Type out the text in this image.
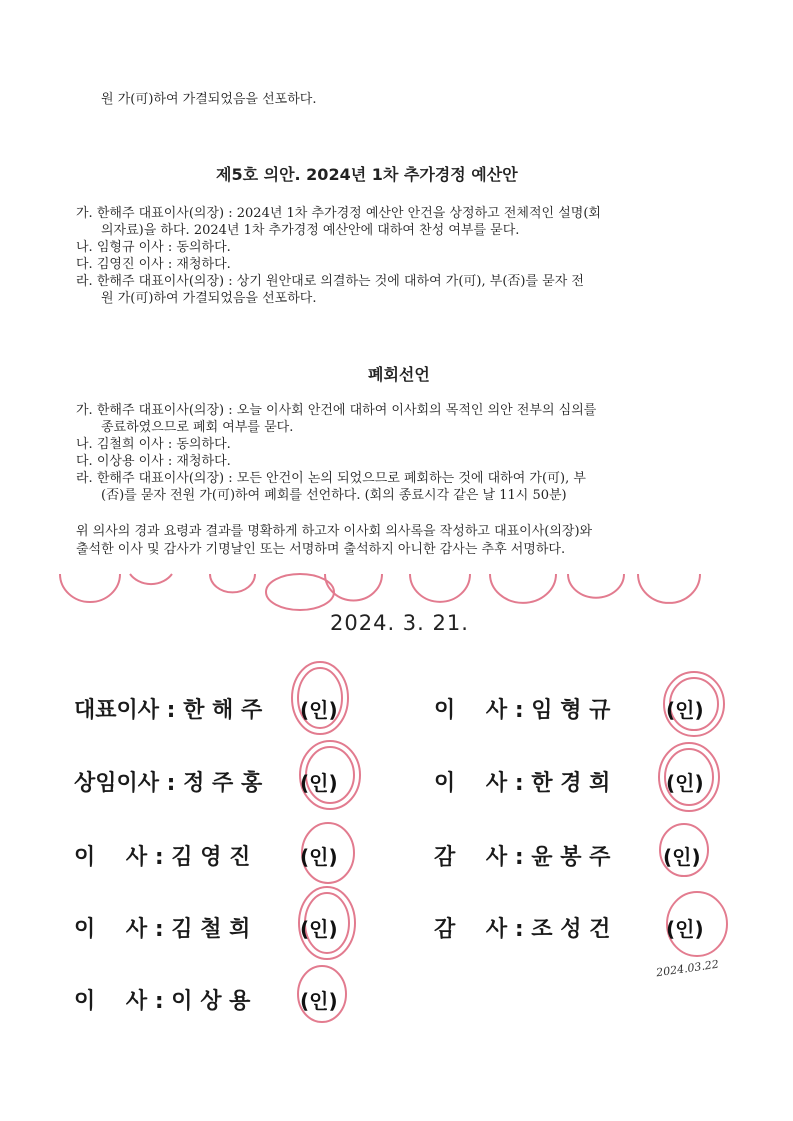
원 가(可)하여 가결되었음을 선포하다.
제5호 의안. 2024년 1차 추가경정 예산안
가. 한해주 대표이사(의장) : 2024년 1차 추가경정 예산안 안건을 상정하고 전체적인 설명(회
의자료)을 하다. 2024년 1차 추가경정 예산안에 대하여 찬성 여부를 묻다.
나. 임형규 이사 : 동의하다.
다. 김영진 이사 : 재청하다.
라. 한해주 대표이사(의장) : 상기 원안대로 의결하는 것에 대하여 가(可), 부(否)를 묻자 전
원 가(可)하여 가결되었음을 선포하다.
폐회선언
가. 한해주 대표이사(의장) : 오늘 이사회 안건에 대하여 이사회의 목적인 의안 전부의 심의를
종료하였으므로 폐회 여부를 묻다.
나. 김철희 이사 : 동의하다.
다. 이상용 이사 : 재청하다.
라. 한해주 대표이사(의장) : 모든 안건이 논의 되었으므로 폐회하는 것에 대하여 가(可), 부
(否)를 묻자 전원 가(可)하여 폐회를 선언하다. (회의 종료시각 같은 날 11시 50분)
위 의사의 경과 요령과 결과를 명확하게 하고자 이사회 의사록을 작성하고 대표이사(의장)와
출석한 이사 및 감사가 기명날인 또는 서명하며 출석하지 아니한 감사는 추후 서명하다.
2024. 3. 21.
대표이사 : 한 해 주 (인)	이    사 : 임 형 규	(인)
상임이사 : 정 주 홍 (인)	이    사 : 한 경 희	(인)
이    사 : 김 영 진 (인)	감    사 : 윤 봉 주	(인)
이    사 : 김 철 희 (인)	감    사 : 조 성 건	(인)
이    사 : 이 상 용 (인)
2024.03.22
